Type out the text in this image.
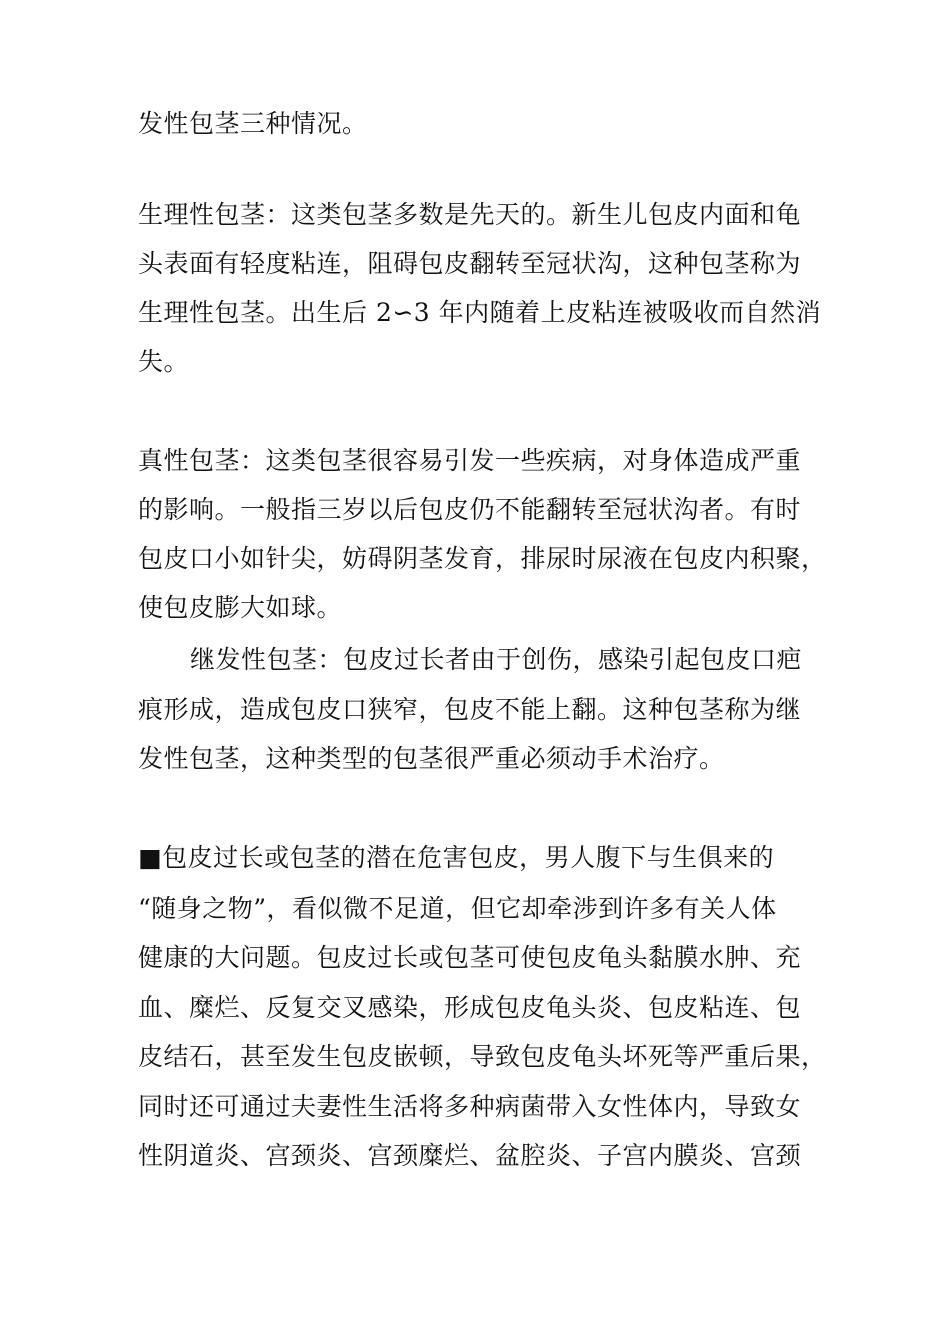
发性包茎三种情况。
生理性包茎：这类包茎多数是先天的。新生儿包皮内面和龟
头表面有轻度粘连，阻碍包皮翻转至冠状沟，这种包茎称为
生理性包茎。出生后 2∽3 年内随着上皮粘连被吸收而自然消
失。
真性包茎：这类包茎很容易引发一些疾病，对身体造成严重
的影响。一般指三岁以后包皮仍不能翻转至冠状沟者。有时
包皮口小如针尖，妨碍阴茎发育，排尿时尿液在包皮内积聚，
使包皮膨大如球。
继发性包茎：包皮过长者由于创伤，感染引起包皮口疤
痕形成，造成包皮口狭窄，包皮不能上翻。这种包茎称为继
发性包茎，这种类型的包茎很严重必须动手术治疗。
■包皮过长或包茎的潜在危害包皮，男人腹下与生俱来的
“随身之物”，看似微不足道，但它却牵涉到许多有关人体
健康的大问题。包皮过长或包茎可使包皮龟头黏膜水肿、充
血、糜烂、反复交叉感染，形成包皮龟头炎、包皮粘连、包
皮结石，甚至发生包皮嵌顿，导致包皮龟头坏死等严重后果，
同时还可通过夫妻性生活将多种病菌带入女性体内，导致女
性阴道炎、宫颈炎、宫颈糜烂、盆腔炎、子宫内膜炎、宫颈
